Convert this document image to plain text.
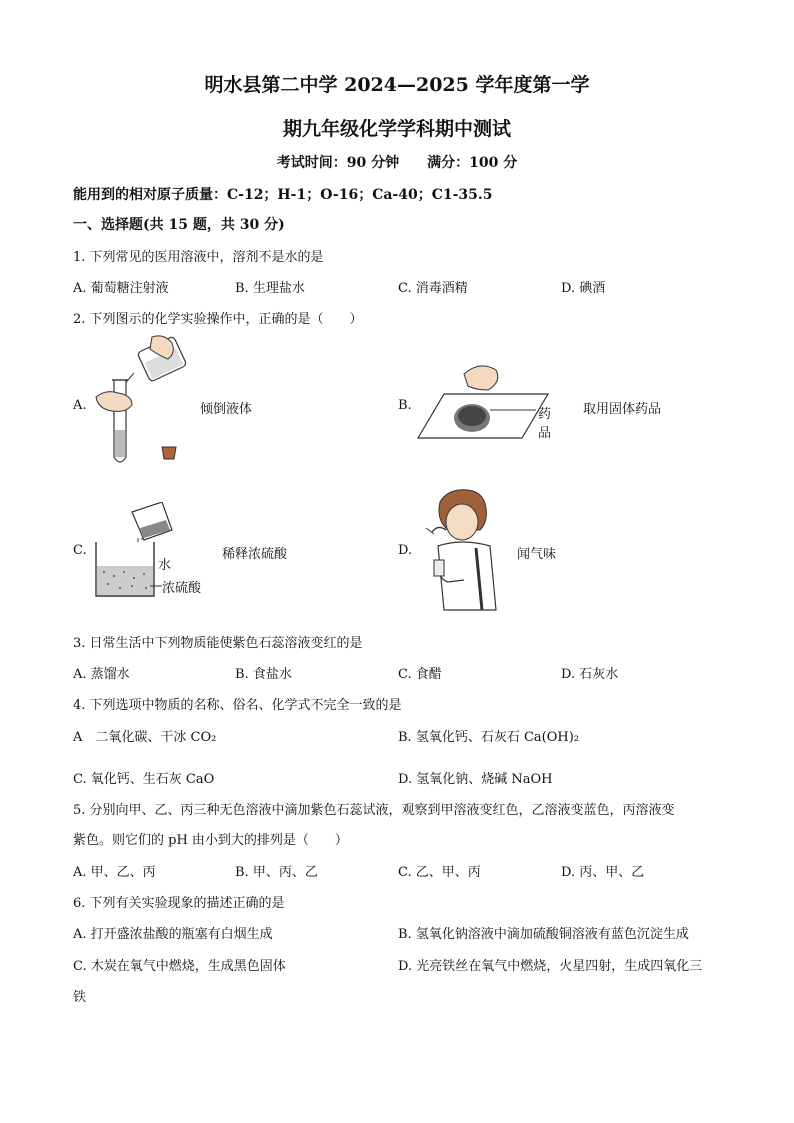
明水县第二中学 2024—2025 学年度第一学
期九年级化学学科期中测试
考试时间：90 分钟　　满分：100 分
能用到的相对原子质量：C-12；H-1；O-16；Ca-40；C1-35.5
一、选择题(共 15 题，共 30 分)
1. 下列常见的医用溶液中，溶剂不是水的是
A. 葡萄糖注射液	B. 生理盐水	C. 消毒酒精	D. 碘酒
2. 下列图示的化学实验操作中，正确的是（　　）
A.	倾倒液体	B.
药品
取用固体药品
C.
水
浓硫酸
稀释浓硫酸	D.	闻气味
3. 日常生活中下列物质能使紫色石蕊溶液变红的是
A. 蒸馏水	B. 食盐水	C. 食醋	D. 石灰水
4. 下列选项中物质的名称、俗名、化学式不完全一致的是
A　二氧化碳、干冰 CO₂	B. 氢氧化钙、石灰石 Ca(OH)₂
C. 氧化钙、生石灰 CaO	D. 氢氧化钠、烧碱 NaOH
5. 分别向甲、乙、丙三种无色溶液中滴加紫色石蕊试液，观察到甲溶液变红色，乙溶液变蓝色，丙溶液变
紫色。则它们的 pH 由小到大的排列是（　　）
A. 甲、乙、丙	B. 甲、丙、乙	C. 乙、甲、丙	D. 丙、甲、乙
6. 下列有关实验现象的描述正确的是
A. 打开盛浓盐酸的瓶塞有白烟生成	B. 氢氧化钠溶液中滴加硫酸铜溶液有蓝色沉淀生成
C. 木炭在氧气中燃烧，生成黑色固体	D. 光亮铁丝在氧气中燃烧，火星四射，生成四氧化三
铁
